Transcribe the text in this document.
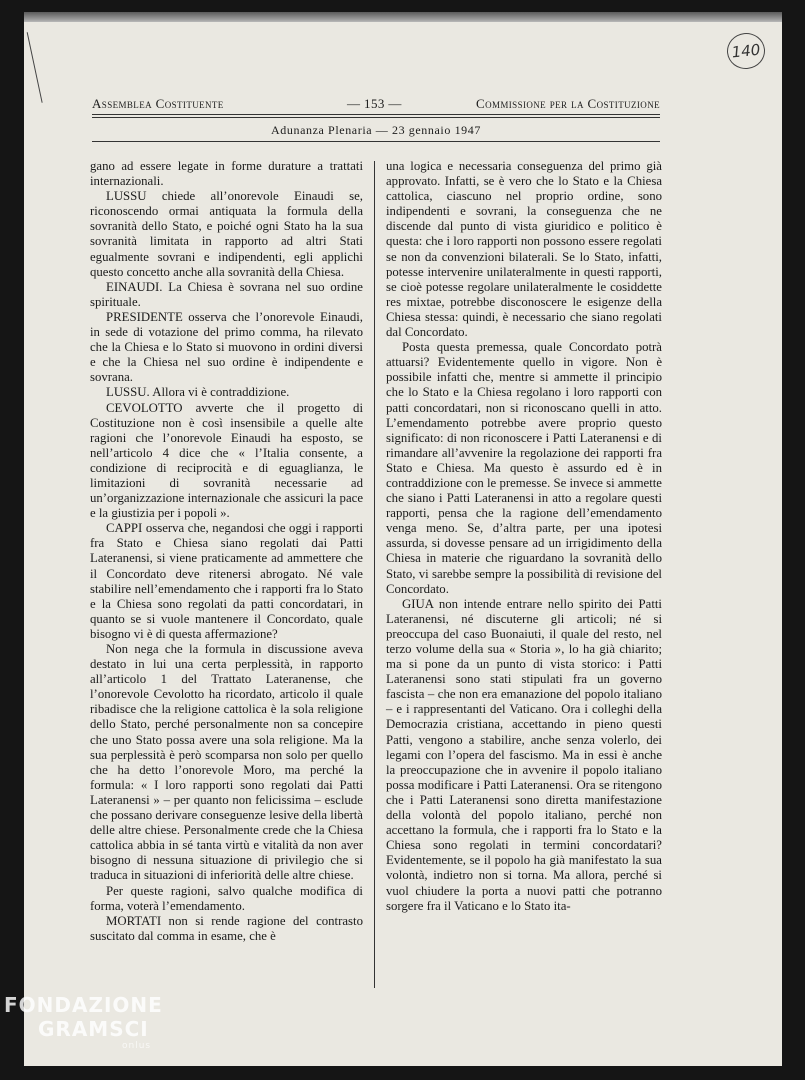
140
Assemblea Costituente	— 153 —	Commissione per la Costituzione
Adunanza Plenaria — 23 gennaio 1947

gano ad essere legate in forme durature a trattati internazionali.

LUSSU chiede all’onorevole Einaudi se, riconoscendo ormai antiquata la formula della sovranità dello Stato, e poiché ogni Stato ha la sua sovranità limitata in rapporto ad altri Stati egualmente sovrani e indipendenti, egli applichi questo concetto anche alla sovranità della Chiesa.

EINAUDI. La Chiesa è sovrana nel suo ordine spirituale.

PRESIDENTE osserva che l’onorevole Einaudi, in sede di votazione del primo comma, ha rilevato che la Chiesa e lo Stato si muovono in ordini diversi e che la Chiesa nel suo ordine è indipendente e sovrana.

LUSSU. Allora vi è contraddizione.

CEVOLOTTO avverte che il progetto di Costituzione non è così insensibile a quelle alte ragioni che l’onorevole Einaudi ha esposto, se nell’articolo 4 dice che « l’Italia consente, a condizione di reciprocità e di eguaglianza, le limitazioni di sovranità necessarie ad un’organizzazione internazionale che assicuri la pace e la giustizia per i popoli ».

CAPPI osserva che, negandosi che oggi i rapporti fra Stato e Chiesa siano regolati dai Patti Lateranensi, si viene praticamente ad ammettere che il Concordato deve ritenersi abrogato. Né vale stabilire nell’emendamento che i rapporti fra lo Stato e la Chiesa sono regolati da patti concordatari, in quanto se si vuole mantenere il Concordato, quale bisogno vi è di questa affermazione?

Non nega che la formula in discussione aveva destato in lui una certa perplessità, in rapporto all’articolo 1 del Trattato Lateranense, che l’onorevole Cevolotto ha ricordato, articolo il quale ribadisce che la religione cattolica è la sola religione dello Stato, perché personalmente non sa concepire che uno Stato possa avere una sola religione. Ma la sua perplessità è però scomparsa non solo per quello che ha detto l’onorevole Moro, ma perché la formula: « I loro rapporti sono regolati dai Patti Lateranensi » – per quanto non felicissima – esclude che possano derivare conseguenze lesive della libertà delle altre chiese. Personalmente crede che la Chiesa cattolica abbia in sé tanta virtù e vitalità da non aver bisogno di nessuna situazione di privilegio che si traduca in situazioni di inferiorità delle altre chiese.

Per queste ragioni, salvo qualche modifica di forma, voterà l’emendamento.

MORTATI non si rende ragione del contrasto suscitato dal comma in esame, che è

una logica e necessaria conseguenza del primo già approvato. Infatti, se è vero che lo Stato e la Chiesa cattolica, ciascuno nel proprio ordine, sono indipendenti e sovrani, la conseguenza che ne discende dal punto di vista giuridico e politico è questa: che i loro rapporti non possono essere regolati se non da convenzioni bilaterali. Se lo Stato, infatti, potesse intervenire unilateralmente in questi rapporti, se cioè potesse regolare unilateralmente le cosiddette res mixtae, potrebbe disconoscere le esigenze della Chiesa stessa: quindi, è necessario che siano regolati dal Concordato.

Posta questa premessa, quale Concordato potrà attuarsi? Evidentemente quello in vigore. Non è possibile infatti che, mentre si ammette il principio che lo Stato e la Chiesa regolano i loro rapporti con patti concordatari, non si riconoscano quelli in atto. L’emendamento potrebbe avere proprio questo significato: di non riconoscere i Patti Lateranensi e di rimandare all’avvenire la regolazione dei rapporti fra Stato e Chiesa. Ma questo è assurdo ed è in contraddizione con le premesse. Se invece si ammette che siano i Patti Lateranensi in atto a regolare questi rapporti, pensa che la ragione dell’emendamento venga meno. Se, d’altra parte, per una ipotesi assurda, si dovesse pensare ad un irrigidimento della Chiesa in materie che riguardano la sovranità dello Stato, vi sarebbe sempre la possibilità di revisione del Concordato.

GIUA non intende entrare nello spirito dei Patti Lateranensi, né discuterne gli articoli; né si preoccupa del caso Buonaiuti, il quale del resto, nel terzo volume della sua « Storia », lo ha già chiarito; ma si pone da un punto di vista storico: i Patti Lateranensi sono stati stipulati fra un governo fascista – che non era emanazione del popolo italiano – e i rappresentanti del Vaticano. Ora i colleghi della Democrazia cristiana, accettando in pieno questi Patti, vengono a stabilire, anche senza volerlo, dei legami con l’opera del fascismo. Ma in essi è anche la preoccupazione che in avvenire il popolo italiano possa modificare i Patti Lateranensi. Ora se ritengono che i Patti Lateranensi sono diretta manifestazione della volontà del popolo italiano, perché non accettano la formula, che i rapporti fra lo Stato e la Chiesa sono regolati in termini concordatari? Evidentemente, se il popolo ha già manifestato la sua volontà, indietro non si torna. Ma allora, perché si vuol chiudere la porta a nuovi patti che potranno sorgere fra il Vaticano e lo Stato ita-

FONDAZIONE
GRAMSCI
onlus
